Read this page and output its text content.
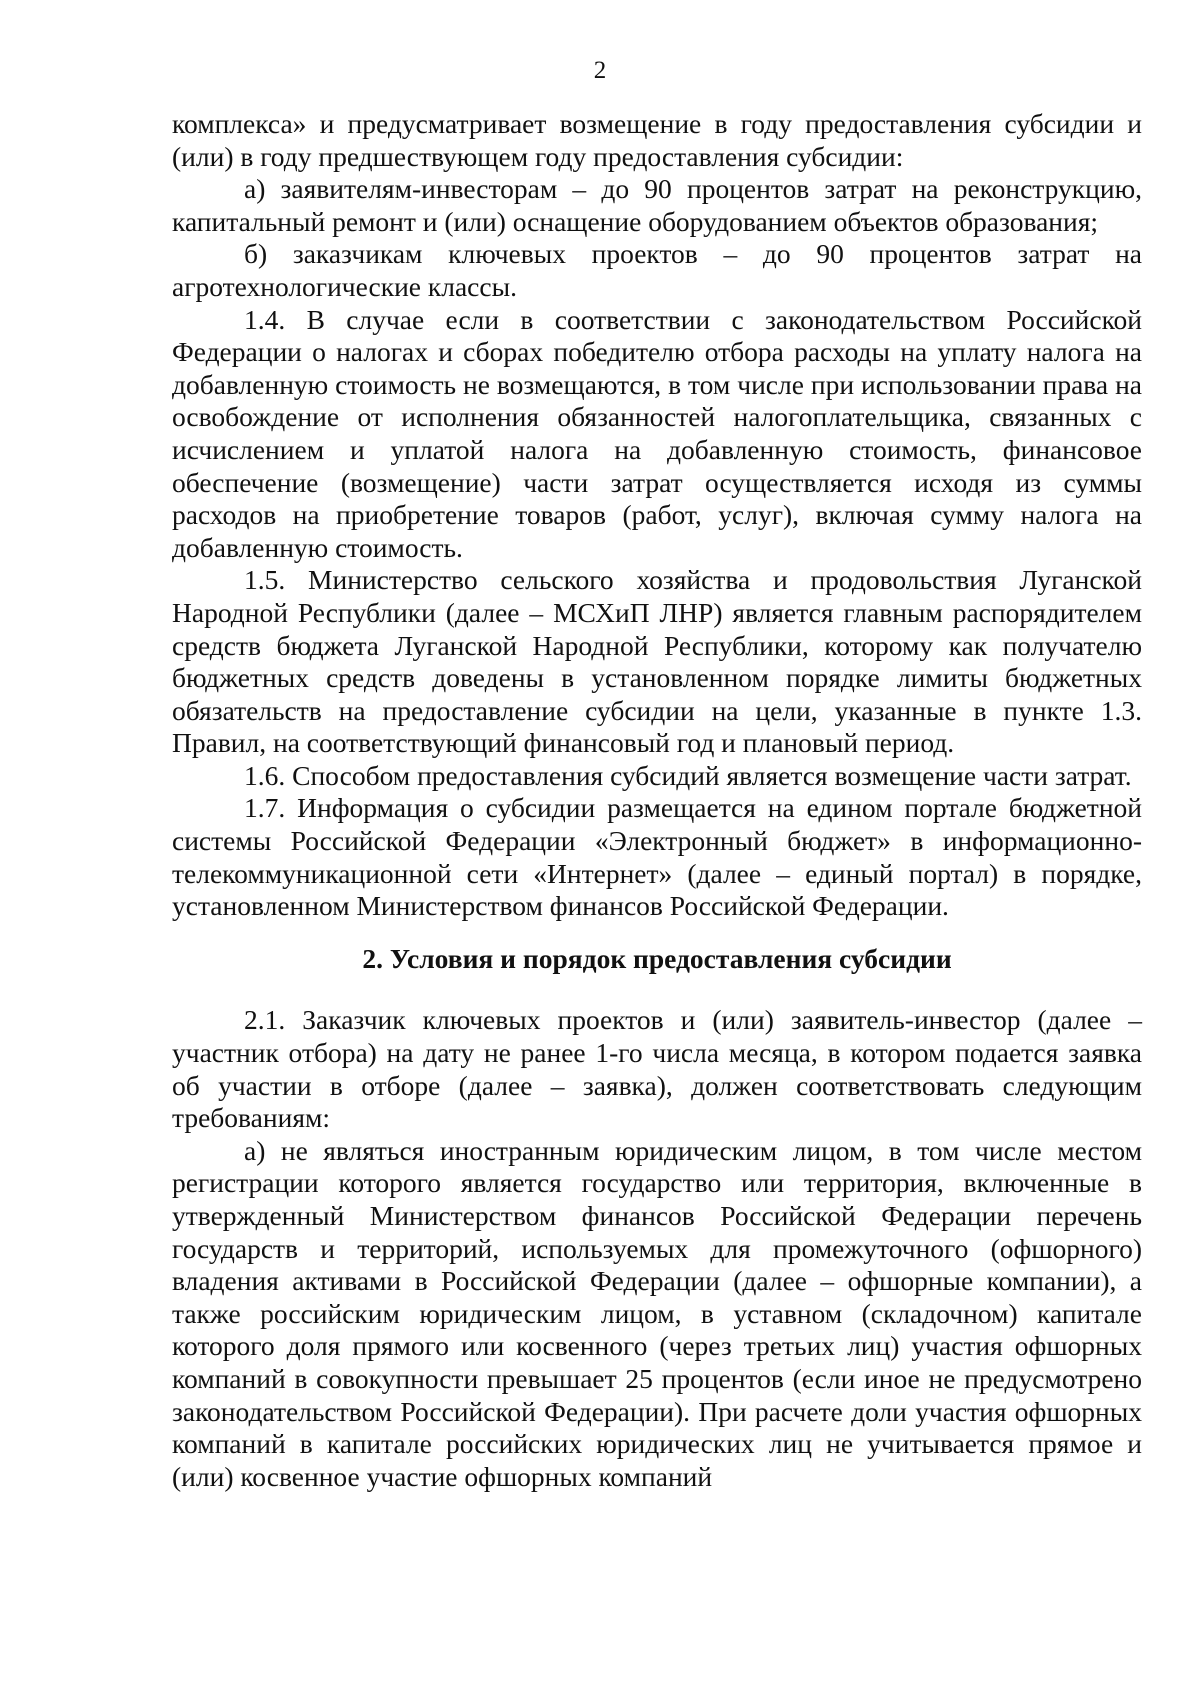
2

комплекса» и предусматривает возмещение в году предоставления субсидии и (или) в году предшествующем году предоставления субсидии:

а) заявителям-инвесторам – до 90 процентов затрат на реконструкцию, капитальный ремонт и (или) оснащение оборудованием объектов образования;

б) заказчикам ключевых проектов – до 90 процентов затрат на агротехнологические классы.

1.4. В случае если в соответствии с законодательством Российской Федерации о налогах и сборах победителю отбора расходы на уплату налога на добавленную стоимость не возмещаются, в том числе при использовании права на освобождение от исполнения обязанностей налогоплательщика, связанных с исчислением и уплатой налога на добавленную стоимость, финансовое обеспечение (возмещение) части затрат осуществляется исходя из суммы расходов на приобретение товаров (работ, услуг), включая сумму налога на добавленную стоимость.

1.5. Министерство сельского хозяйства и продовольствия Луганской Народной Республики (далее – МСХиП ЛНР) является главным распорядителем средств бюджета Луганской Народной Республики, которому как получателю бюджетных средств доведены в установленном порядке лимиты бюджетных обязательств на предоставление субсидии на цели, указанные в пункте 1.3. Правил, на соответствующий финансовый год и плановый период.

1.6. Способом предоставления субсидий является возмещение части затрат.

1.7. Информация о субсидии размещается на едином портале бюджетной системы Российской Федерации «Электронный бюджет» в информационно-телекоммуникационной сети «Интернет» (далее – единый портал) в порядке, установленном Министерством финансов Российской Федерации.

2. Условия и порядок предоставления субсидии

2.1. Заказчик ключевых проектов и (или) заявитель-инвестор (далее – участник отбора) на дату не ранее 1-го числа месяца, в котором подается заявка об участии в отборе (далее – заявка), должен соответствовать следующим требованиям:

а) не являться иностранным юридическим лицом, в том числе местом регистрации которого является государство или территория, включенные в утвержденный Министерством финансов Российской Федерации перечень государств и территорий, используемых для промежуточного (офшорного) владения активами в Российской Федерации (далее – офшорные компании), а также российским юридическим лицом, в уставном (складочном) капитале которого доля прямого или косвенного (через третьих лиц) участия офшорных компаний в совокупности превышает 25 процентов (если иное не предусмотрено законодательством Российской Федерации). При расчете доли участия офшорных компаний в капитале российских юридических лиц не учитывается прямое и (или) косвенное участие офшорных компаний
